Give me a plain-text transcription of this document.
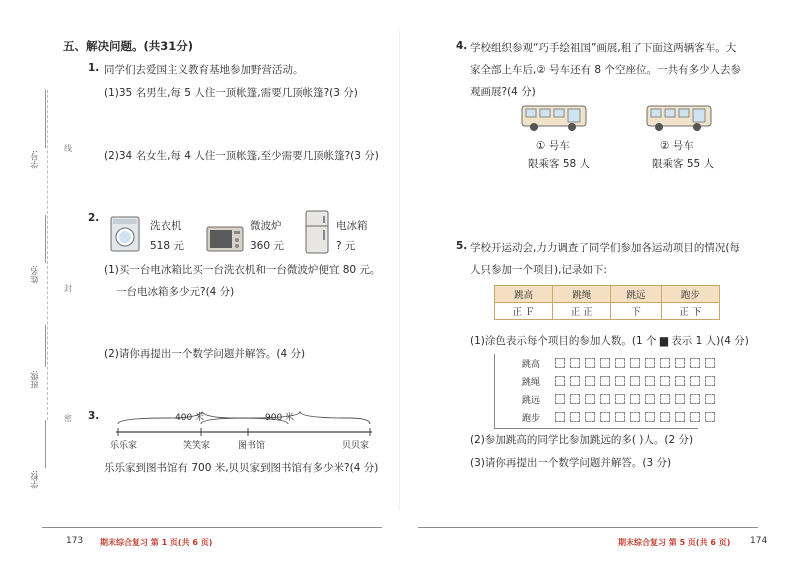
学号:
姓名:
班级:
学校:
线
封
密
五、解决问题。(共31分)
1. 同学们去爱国主义教育基地参加野营活动。
(1)35 名男生,每 5 人住一顶帐篷,需要几顶帐篷?(3 分)
(2)34 名女生,每 4 人住一顶帐篷,至少需要几顶帐篷?(3 分)
2.
洗衣机
518 元
微波炉
360 元
电冰箱
? 元
(1)买一台电冰箱比买一台洗衣机和一台微波炉便宜 80 元。
一台电冰箱多少元?(4 分)
(2)请你再提出一个数学问题并解答。(4 分)
3.	400 米	900 米
乐乐家	笑笑家	图书馆	贝贝家
乐乐家到图书馆有 700 米,贝贝家到图书馆有多少米?(4 分)
4. 学校组织参观“巧手绘祖国”画展,租了下面这两辆客车。大
家全部上车后,② 号车还有 8 个空座位。一共有多少人去参
观画展?(4 分)
① 号车
限乘客 58 人
② 号车
限乘客 55 人
5. 学校开运动会,力力调查了同学们参加各运动项目的情况(每
人只参加一个项目),记录如下:
跳高	跳绳	跳远	跑步
正 Ｆ	正 正	下	正 下
(1)涂色表示每个项目的参加人数。(1 个 ▆ 表示 1 人)(4 分)
跳高
跳绳
跳远
跑步
(2)参加跳高的同学比参加跳远的多( )人。(2 分)
(3)请你再提出一个数学问题并解答。(3 分)
173 期末综合复习 第 1 页(共 6 页)	期末综合复习 第 5 页(共 6 页) 174
